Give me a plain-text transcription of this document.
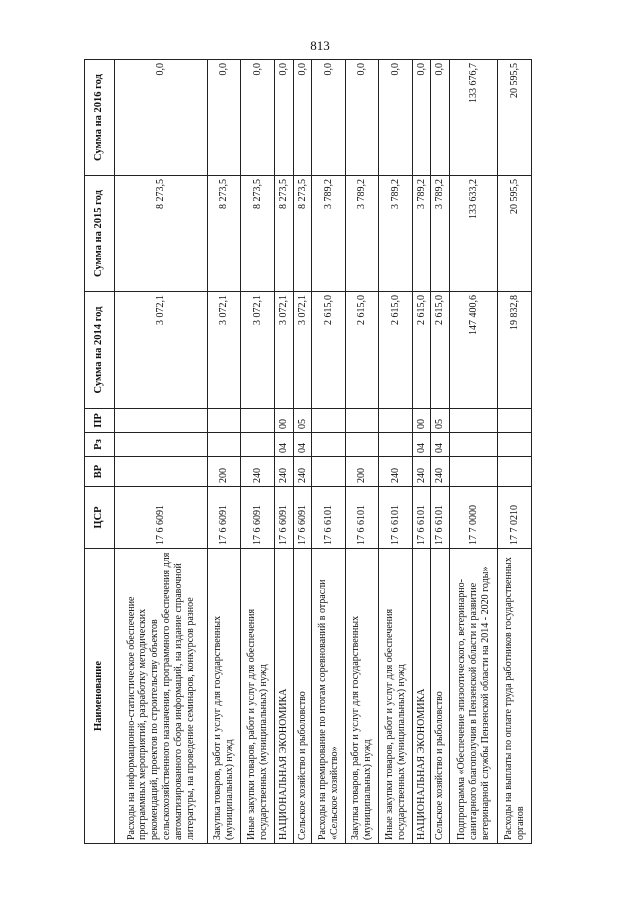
813
Наименование	ЦСР	ВР	Рз	ПР	Сумма на 2014 год	Сумма на 2015 год	Сумма на 2016 год
Расходы на информационно-статистическое обеспечение программных мероприятий, разработку методических рекомендаций, проектов по строительству объектов сельскохозяйственного назначения, программного обеспечения для автоматизированного сбора информаций, на издание справочной литературы, на проведение семинаров, конкурсов разное	17 6 6091				3 072,1	8 273,5	0,0
Закупка товаров, работ и услуг для государственных (муниципальных) нужд	17 6 6091	200			3 072,1	8 273,5	0,0
Иные закупки товаров, работ и услуг для обеспечения государственных (муниципальных) нужд	17 6 6091	240			3 072,1	8 273,5	0,0
НАЦИОНАЛЬНАЯ ЭКОНОМИКА	17 6 6091	240	04	00	3 072,1	8 273,5	0,0
Сельское хозяйство и рыболовство	17 6 6091	240	04	05	3 072,1	8 273,5	0,0
Расходы на премирование по итогам соревнований в отрасли «Сельское хозяйство»	17 6 6101				2 615,0	3 789,2	0,0
Закупка товаров, работ и услуг для государственных (муниципальных) нужд	17 6 6101	200			2 615,0	3 789,2	0,0
Иные закупки товаров, работ и услуг для обеспечения государственных (муниципальных) нужд	17 6 6101	240			2 615,0	3 789,2	0,0
НАЦИОНАЛЬНАЯ ЭКОНОМИКА	17 6 6101	240	04	00	2 615,0	3 789,2	0,0
Сельское хозяйство и рыболовство	17 6 6101	240	04	05	2 615,0	3 789,2	0,0
Подпрограмма «Обеспечение эпизоотического, ветеринарно-санитарного благополучия в Пензенской области и развитие ветеринарной службы Пензенской области на 2014 - 2020 годы»	17 7 0000				147 400,6	133 633,2	133 676,7
Расходы на выплаты по оплате труда работников государственных органов	17 7 0210				19 832,8	20 595,5	20 595,5
